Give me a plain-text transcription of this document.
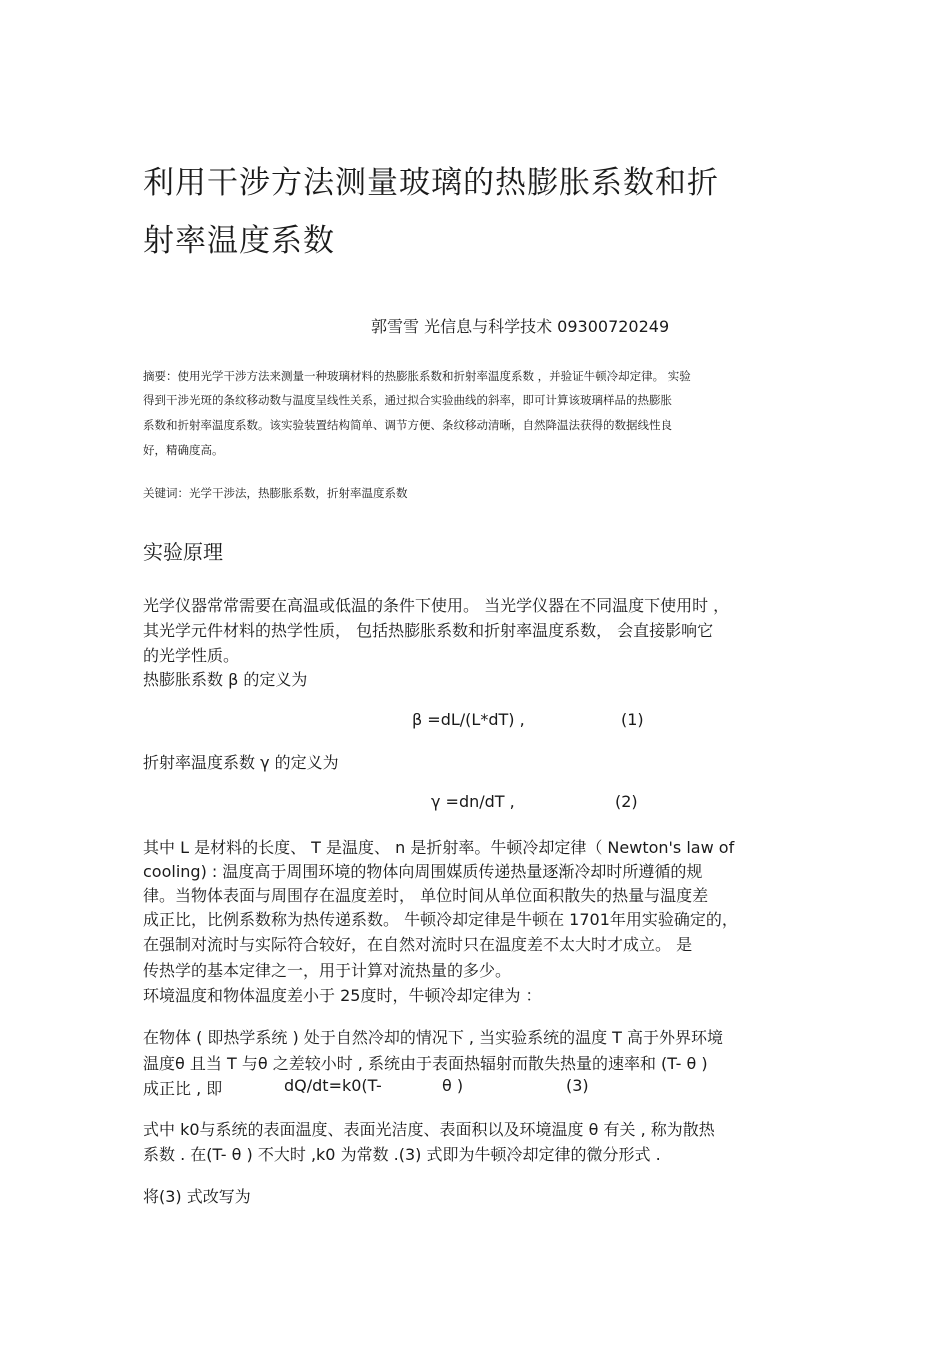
利用干涉方法测量玻璃的热膨胀系数和折
射率温度系数
郭雪雪 光信息与科学技术 09300720249
摘要：使用光学干涉方法来测量一种玻璃材料的热膨胀系数和折射率温度系数 ，并验证牛顿冷却定律。 实验
得到干涉光斑的条纹移动数与温度呈线性关系，通过拟合实验曲线的斜率，即可计算该玻璃样品的热膨胀
系数和折射率温度系数。该实验装置结构简单、调节方便、条纹移动清晰，自然降温法获得的数据线性良
好，精确度高。
关键词：光学干涉法，热膨胀系数，折射率温度系数
实验原理
光学仪器常常需要在高温或低温的条件下使用。 当光学仪器在不同温度下使用时 ，
其光学元件材料的热学性质， 包括热膨胀系数和折射率温度系数， 会直接影响它
的光学性质。
热膨胀系数 β 的定义为
β =dL/(L*dT) ,	(1)
折射率温度系数 γ 的定义为
γ =dn/dT ,	(2)
其中 L 是材料的长度、 T 是温度、 n 是折射率。牛顿冷却定律（ Newton's law of
cooling) : 温度高于周围环境的物体向周围媒质传递热量逐渐冷却时所遵循的规
律。当物体表面与周围存在温度差时， 单位时间从单位面积散失的热量与温度差
成正比，比例系数称为热传递系数。 牛顿冷却定律是牛顿在 1701年用实验确定的，
在强制对流时与实际符合较好，在自然对流时只在温度差不太大时才成立。 是
传热学的基本定律之一，用于计算对流热量的多少。
环境温度和物体温度差小于 25度时，牛顿冷却定律为 ：
在物体 ( 即热学系统 ) 处于自然冷却的情况下 , 当实验系统的温度 T 高于外界环境
温度θ 且当 T 与θ 之差较小时 , 系统由于表面热辐射而散失热量的速率和 (T- θ )
成正比 , 即	dQ/dt=k0(T-	θ )	(3)
式中 k0与系统的表面温度、表面光洁度、表面积以及环境温度 θ 有关 , 称为散热
系数 . 在(T- θ ) 不大时 ,k0 为常数 .(3) 式即为牛顿冷却定律的微分形式 .
将(3) 式改写为
